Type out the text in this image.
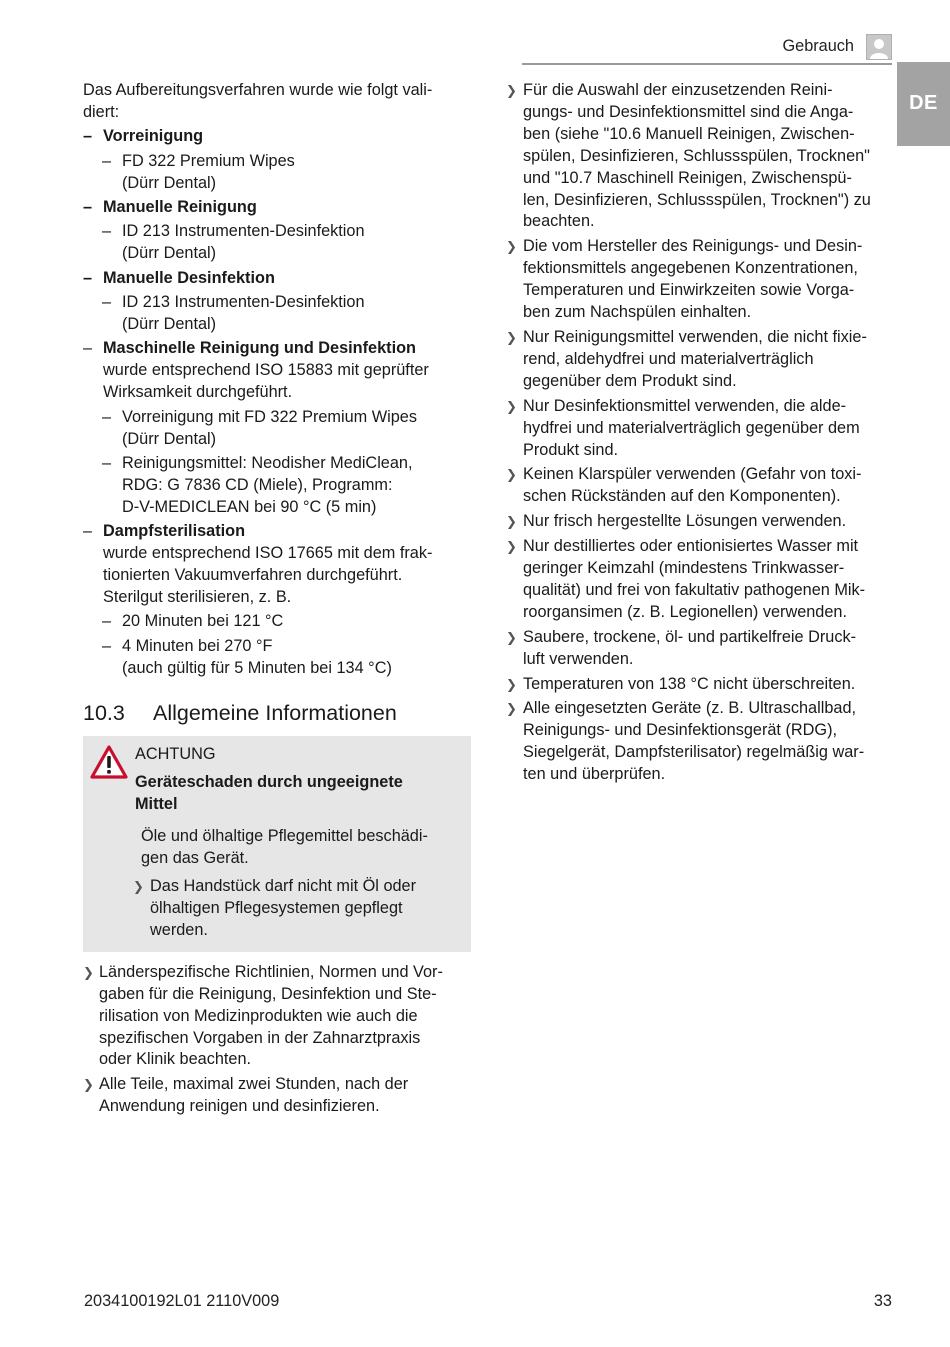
Gebrauch
DE

Das Aufbereitungsverfahren wurde wie folgt vali-
diert:

– Vorreinigung
– FD 322 Premium Wipes
(Dürr Dental)
– Manuelle Reinigung
– ID 213 Instrumenten-Desinfektion
(Dürr Dental)
– Manuelle Desinfektion
– ID 213 Instrumenten-Desinfektion
(Dürr Dental)
– Maschinelle Reinigung und Desinfektion
wurde entsprechend ISO 15883 mit geprüfter
Wirksamkeit durchgeführt.
– Vorreinigung mit FD 322 Premium Wipes
(Dürr Dental)
– Reinigungsmittel: Neodisher MediClean,
RDG: G 7836 CD (Miele), Programm:
D-V-MEDICLEAN bei 90 °C (5 min)
– Dampfsterilisation
wurde entsprechend ISO 17665 mit dem frak-
tionierten Vakuumverfahren durchgeführt.
Sterilgut sterilisieren, z. B.
– 20 Minuten bei 121 °C
– 4 Minuten bei 270 °F
(auch gültig für 5 Minuten bei 134 °C)
10.3 Allgemeine Informationen

ACHTUNG

Geräteschaden durch ungeeignete
Mittel

Öle und ölhaltige Pflegemittel beschädi-
gen das Gerät.

❯ Das Handstück darf nicht mit Öl oder
ölhaltigen Pflegesystemen gepflegt
werden.

❯ Länderspezifische Richtlinien, Normen und Vor-
gaben für die Reinigung, Desinfektion und Ste-
rilisation von Medizinprodukten wie auch die
spezifischen Vorgaben in der Zahnarztpraxis
oder Klinik beachten.

❯ Alle Teile, maximal zwei Stunden, nach der
Anwendung reinigen und desinfizieren.

❯ Für die Auswahl der einzusetzenden Reini-
gungs- und Desinfektionsmittel sind die Anga-
ben (siehe "10.6 Manuell Reinigen, Zwischen-
spülen, Desinfizieren, Schlussspülen, Trocknen"
und "10.7 Maschinell Reinigen, Zwischenspü-
len, Desinfizieren, Schlussspülen, Trocknen") zu
beachten.

❯ Die vom Hersteller des Reinigungs- und Desin-
fektionsmittels angegebenen Konzentrationen,
Temperaturen und Einwirkzeiten sowie Vorga-
ben zum Nachspülen einhalten.

❯ Nur Reinigungsmittel verwenden, die nicht fixie-
rend, aldehydfrei und materialverträglich
gegenüber dem Produkt sind.

❯ Nur Desinfektionsmittel verwenden, die alde-
hydfrei und materialverträglich gegenüber dem
Produkt sind.

❯ Keinen Klarspüler verwenden (Gefahr von toxi-
schen Rückständen auf den Komponenten).

❯ Nur frisch hergestellte Lösungen verwenden.

❯ Nur destilliertes oder entionisiertes Wasser mit
geringer Keimzahl (mindestens Trinkwasser-
qualität) und frei von fakultativ pathogenen Mik-
roorgansimen (z. B. Legionellen) verwenden.

❯ Saubere, trockene, öl- und partikelfreie Druck-
luft verwenden.

❯ Temperaturen von 138 °C nicht überschreiten.

❯ Alle eingesetzten Geräte (z. B. Ultraschallbad,
Reinigungs- und Desinfektionsgerät (RDG),
Siegelgerät, Dampfsterilisator) regelmäßig war-
ten und überprüfen.

2034100192L01 2110V009	33
